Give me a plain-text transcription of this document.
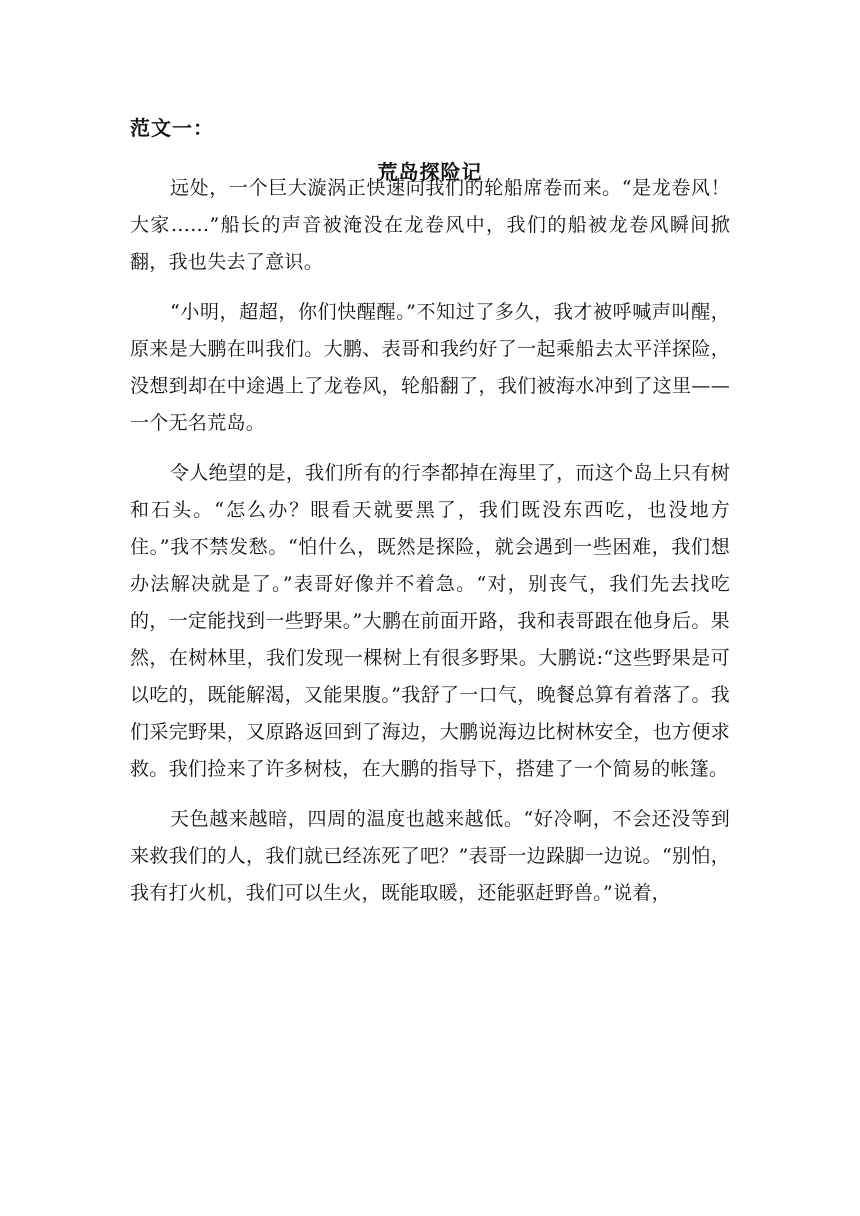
范文一：
荒岛探险记

远处，一个巨大漩涡正快速向我们的轮船席卷而来。“是龙卷风！大家……”船长的声音被淹没在龙卷风中，我们的船被龙卷风瞬间掀翻，我也失去了意识。

“小明，超超，你们快醒醒。”不知过了多久，我才被呼喊声叫醒，原来是大鹏在叫我们。大鹏、表哥和我约好了一起乘船去太平洋探险，没想到却在中途遇上了龙卷风，轮船翻了，我们被海水冲到了这里——一个无名荒岛。

令人绝望的是，我们所有的行李都掉在海里了，而这个岛上只有树和石头。“怎么办？眼看天就要黑了，我们既没东西吃，也没地方住。”我不禁发愁。“怕什么，既然是探险，就会遇到一些困难，我们想办法解决就是了。”表哥好像并不着急。“对，别丧气，我们先去找吃的，一定能找到一些野果。”大鹏在前面开路，我和表哥跟在他身后。果然，在树林里，我们发现一棵树上有很多野果。大鹏说:“这些野果是可以吃的，既能解渴，又能果腹。”我舒了一口气，晚餐总算有着落了。我们采完野果，又原路返回到了海边，大鹏说海边比树林安全，也方便求救。我们捡来了许多树枝，在大鹏的指导下，搭建了一个简易的帐篷。

天色越来越暗，四周的温度也越来越低。“好冷啊，不会还没等到来救我们的人，我们就已经冻死了吧？”表哥一边跺脚一边说。“别怕，我有打火机，我们可以生火，既能取暖，还能驱赶野兽。”说着，
